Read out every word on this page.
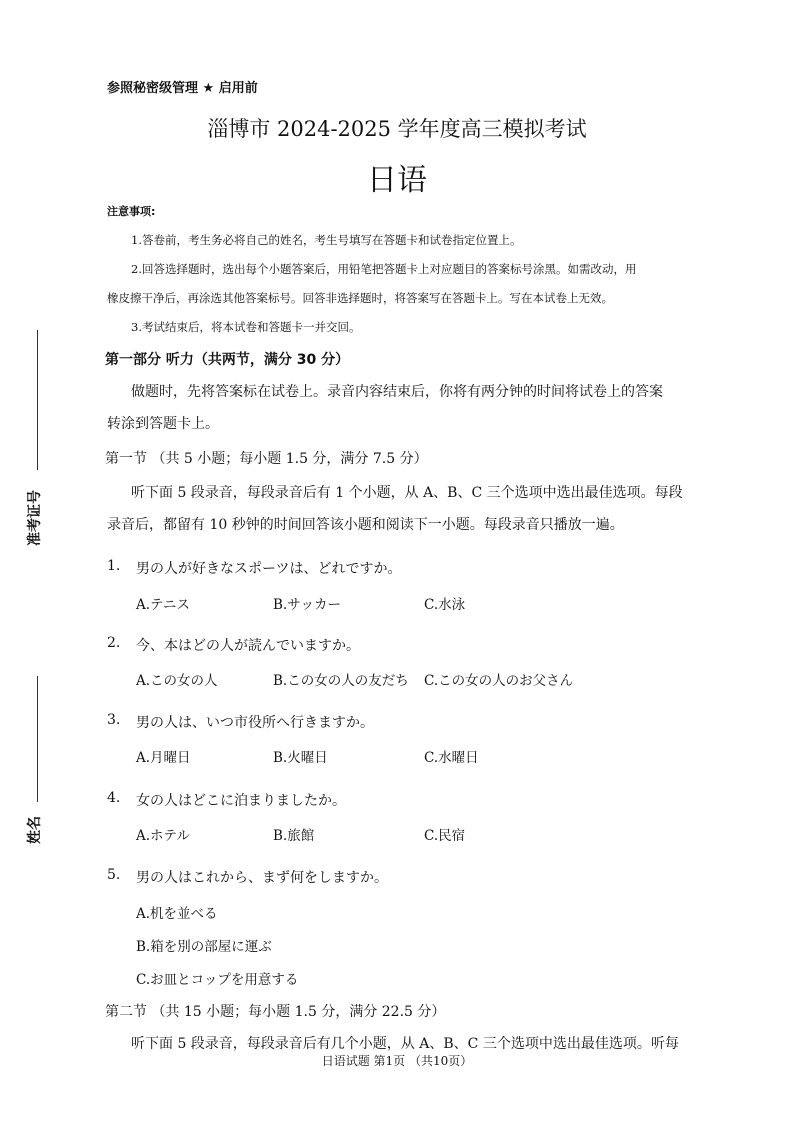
参照秘密级管理 ★ 启用前
淄博市 2024-2025 学年度高三模拟考试
日语
注意事项:
1.答卷前，考生务必将自己的姓名，考生号填写在答题卡和试卷指定位置上。
2.回答选择题时，选出每个小题答案后，用铅笔把答题卡上对应题目的答案标号涂黑。如需改动，用
橡皮擦干净后，再涂选其他答案标号。回答非选择题时，将答案写在答题卡上。写在本试卷上无效。
3.考试结束后，将本试卷和答题卡一并交回。
第一部分 听力（共两节，满分 30 分）
做题时，先将答案标在试卷上。录音内容结束后，你将有两分钟的时间将试卷上的答案
转涂到答题卡上。
第一节 （共 5 小题；每小题 1.5 分，满分 7.5 分）
听下面 5 段录音，每段录音后有 1 个小题，从 A、B、C 三个选项中选出最佳选项。每段
录音后，都留有 10 秒钟的时间回答该小题和阅读下一小题。每段录音只播放一遍。
1. 男の人が好きなスポーツは、どれですか。
A.テニス	B.サッカー	C.水泳
2. 今、本はどの人が読んでいますか。
A.この女の人	B.この女の人の友だち C.この女の人のお父さん
3. 男の人は、いつ市役所へ行きますか。
A.月曜日	B.火曜日	C.水曜日
4. 女の人はどこに泊まりましたか。
A.ホテル	B.旅館	C.民宿
5. 男の人はこれから、まず何をしますか。
A.机を並べる
B.箱を別の部屋に運ぶ
C.お皿とコップを用意する
第二节 （共 15 小题；每小题 1.5 分，满分 22.5 分）
听下面 5 段录音，每段录音后有几个小题，从 A、B、C 三个选项中选出最佳选项。听每
日语试题 第1页 （共10页）
准考证号
姓名
